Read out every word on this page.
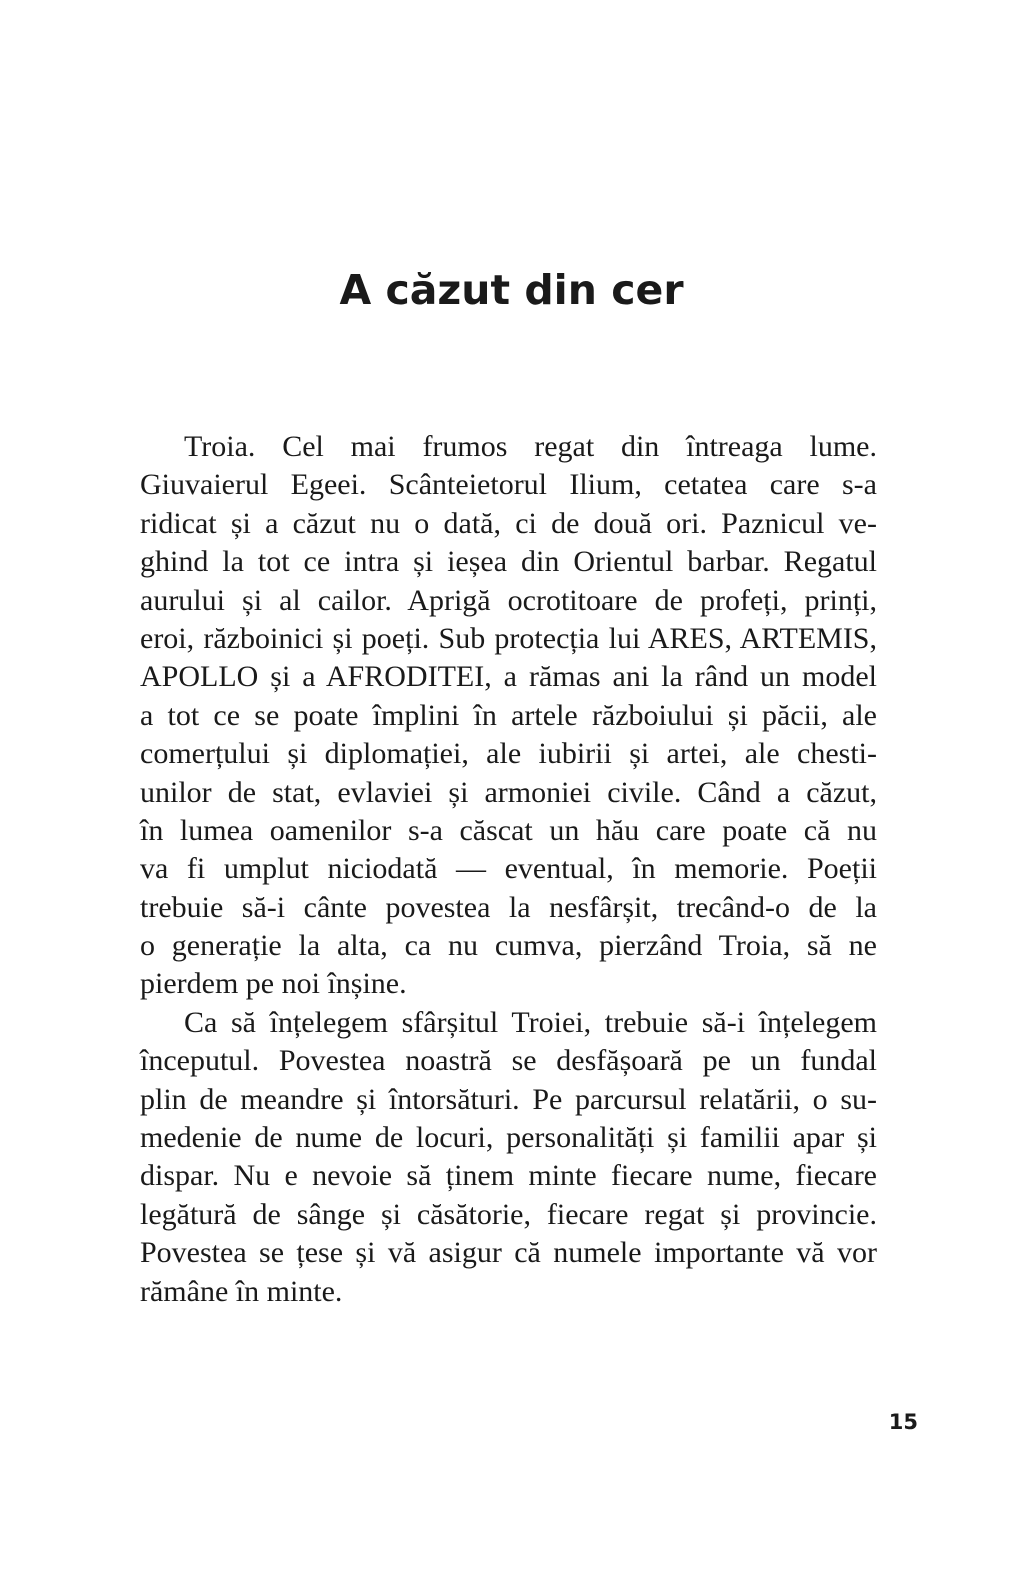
A căzut din cer

Troia. Cel mai frumos regat din întreaga lume.
Giuvaierul Egeei. Scânteietorul Ilium, cetatea care s-a
ridicat și a căzut nu o dată, ci de două ori. Paznicul ve-
ghind la tot ce intra și ieșea din Orientul barbar. Regatul
aurului și al cailor. Aprigă ocrotitoare de profeți, prinți,
eroi, războinici și poeți. Sub protecția lui ARES, ARTEMIS,
APOLLO și a AFRODITEI, a rămas ani la rând un model
a tot ce se poate împlini în artele războiului și păcii, ale
comerțului și diplomației, ale iubirii și artei, ale chesti-
unilor de stat, evlaviei și armoniei civile. Când a căzut,
în lumea oamenilor s-a căscat un hău care poate că nu
va fi umplut niciodată — eventual, în memorie. Poeții
trebuie să-i cânte povestea la nesfârșit, trecând-o de la
o generație la alta, ca nu cumva, pierzând Troia, să ne
pierdem pe noi înșine.

Ca să înțelegem sfârșitul Troiei, trebuie să-i înțelegem
începutul. Povestea noastră se desfășoară pe un fundal
plin de meandre și întorsături. Pe parcursul relatării, o su-
medenie de nume de locuri, personalități și familii apar și
dispar. Nu e nevoie să ținem minte fiecare nume, fiecare
legătură de sânge și căsătorie, fiecare regat și provincie.
Povestea se țese și vă asigur că numele importante vă vor
rămâne în minte.

15
